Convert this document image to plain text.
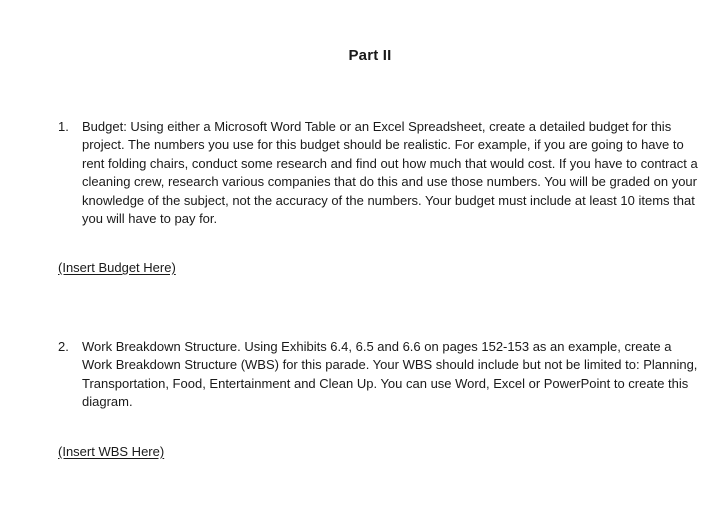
Part II
1. Budget: Using either a Microsoft Word Table or an Excel Spreadsheet, create a detailed budget for this project. The numbers you use for this budget should be realistic. For example, if you are going to have to rent folding chairs, conduct some research and find out how much that would cost. If you have to contract a cleaning crew, research various companies that do this and use those numbers. You will be graded on your knowledge of the subject, not the accuracy of the numbers. Your budget must include at least 10 items that you will have to pay for.
(Insert Budget Here)
2. Work Breakdown Structure. Using Exhibits 6.4, 6.5 and 6.6 on pages 152-153 as an example, create a Work Breakdown Structure (WBS) for this parade. Your WBS should include but not be limited to: Planning, Transportation, Food, Entertainment and Clean Up. You can use Word, Excel or PowerPoint to create this diagram.
(Insert WBS Here)
